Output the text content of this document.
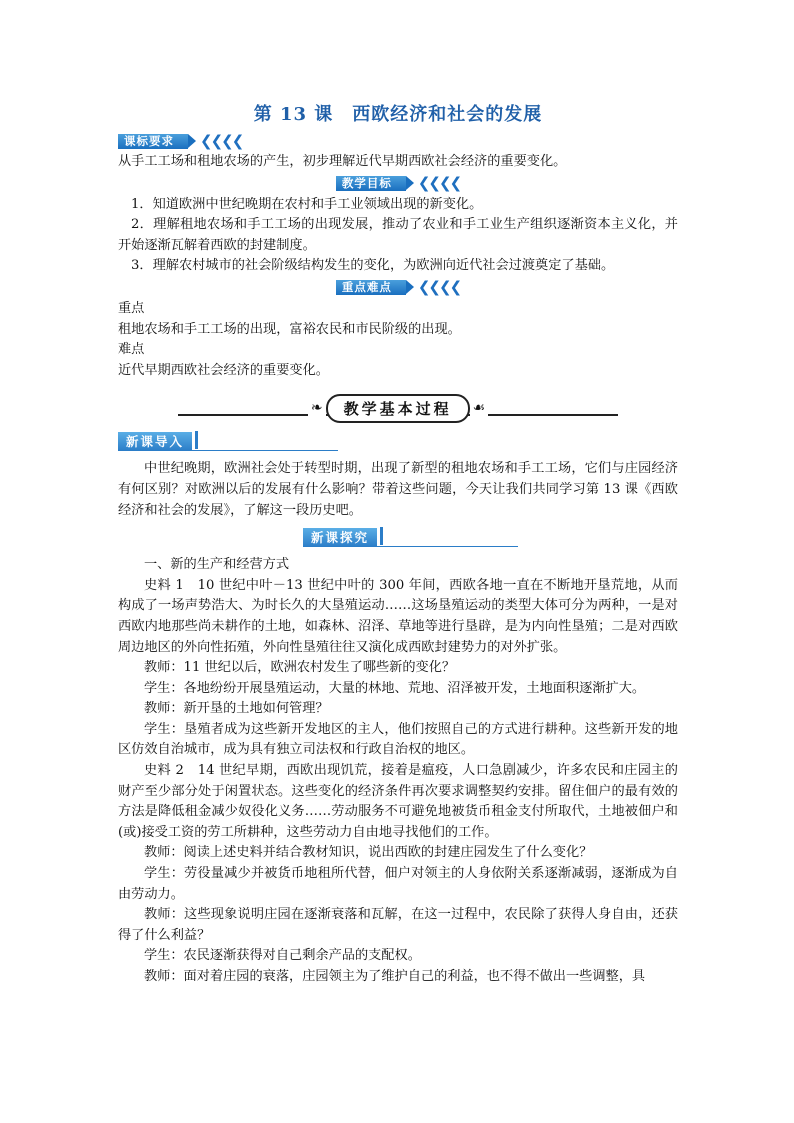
第 13 课　西欧经济和社会的发展
课标要求	❮❮❮❮

从手工工场和租地农场的产生，初步理解近代早期西欧社会经济的重要变化。

教学目标	❮❮❮❮

1．知道欧洲中世纪晚期在农村和手工业领域出现的新变化。

2．理解租地农场和手工工场的出现发展，推动了农业和手工业生产组织逐渐资本主义化，并开始逐渐瓦解着西欧的封建制度。

3．理解农村城市的社会阶级结构发生的变化，为欧洲向近代社会过渡奠定了基础。

重点难点	❮❮❮❮

重点

租地农场和手工工场的出现，富裕农民和市民阶级的出现。

难点

近代早期西欧社会经济的重要变化。

❧	教学基本过程	☙
新课导入

中世纪晚期，欧洲社会处于转型时期，出现了新型的租地农场和手工工场，它们与庄园经济有何区别？对欧洲以后的发展有什么影响？带着这些问题，今天让我们共同学习第 13 课《西欧经济和社会的发展》，了解这一段历史吧。

新课探究

一、新的生产和经营方式

史料 1　10 世纪中叶－13 世纪中叶的 300 年间，西欧各地一直在不断地开垦荒地，从而构成了一场声势浩大、为时长久的大垦殖运动……这场垦殖运动的类型大体可分为两种，一是对西欧内地那些尚未耕作的土地，如森林、沼泽、草地等进行垦辟，是为内向性垦殖；二是对西欧周边地区的外向性拓殖，外向性垦殖往往又演化成西欧封建势力的对外扩张。

教师：11 世纪以后，欧洲农村发生了哪些新的变化？

学生：各地纷纷开展垦殖运动，大量的林地、荒地、沼泽被开发，土地面积逐渐扩大。

教师：新开垦的土地如何管理？

学生：垦殖者成为这些新开发地区的主人，他们按照自己的方式进行耕种。这些新开发的地区仿效自治城市，成为具有独立司法权和行政自治权的地区。

史料 2　14 世纪早期，西欧出现饥荒，接着是瘟疫，人口急剧减少，许多农民和庄园主的财产至少部分处于闲置状态。这些变化的经济条件再次要求调整契约安排。留住佃户的最有效的方法是降低租金减少奴役化义务……劳动服务不可避免地被货币租金支付所取代，土地被佃户和(或)接受工资的劳工所耕种，这些劳动力自由地寻找他们的工作。

教师：阅读上述史料并结合教材知识，说出西欧的封建庄园发生了什么变化？

学生：劳役量减少并被货币地租所代替，佃户对领主的人身依附关系逐渐减弱，逐渐成为自由劳动力。

教师：这些现象说明庄园在逐渐衰落和瓦解，在这一过程中，农民除了获得人身自由，还获得了什么利益？

学生：农民逐渐获得对自己剩余产品的支配权。

教师：面对着庄园的衰落，庄园领主为了维护自己的利益，也不得不做出一些调整，具
